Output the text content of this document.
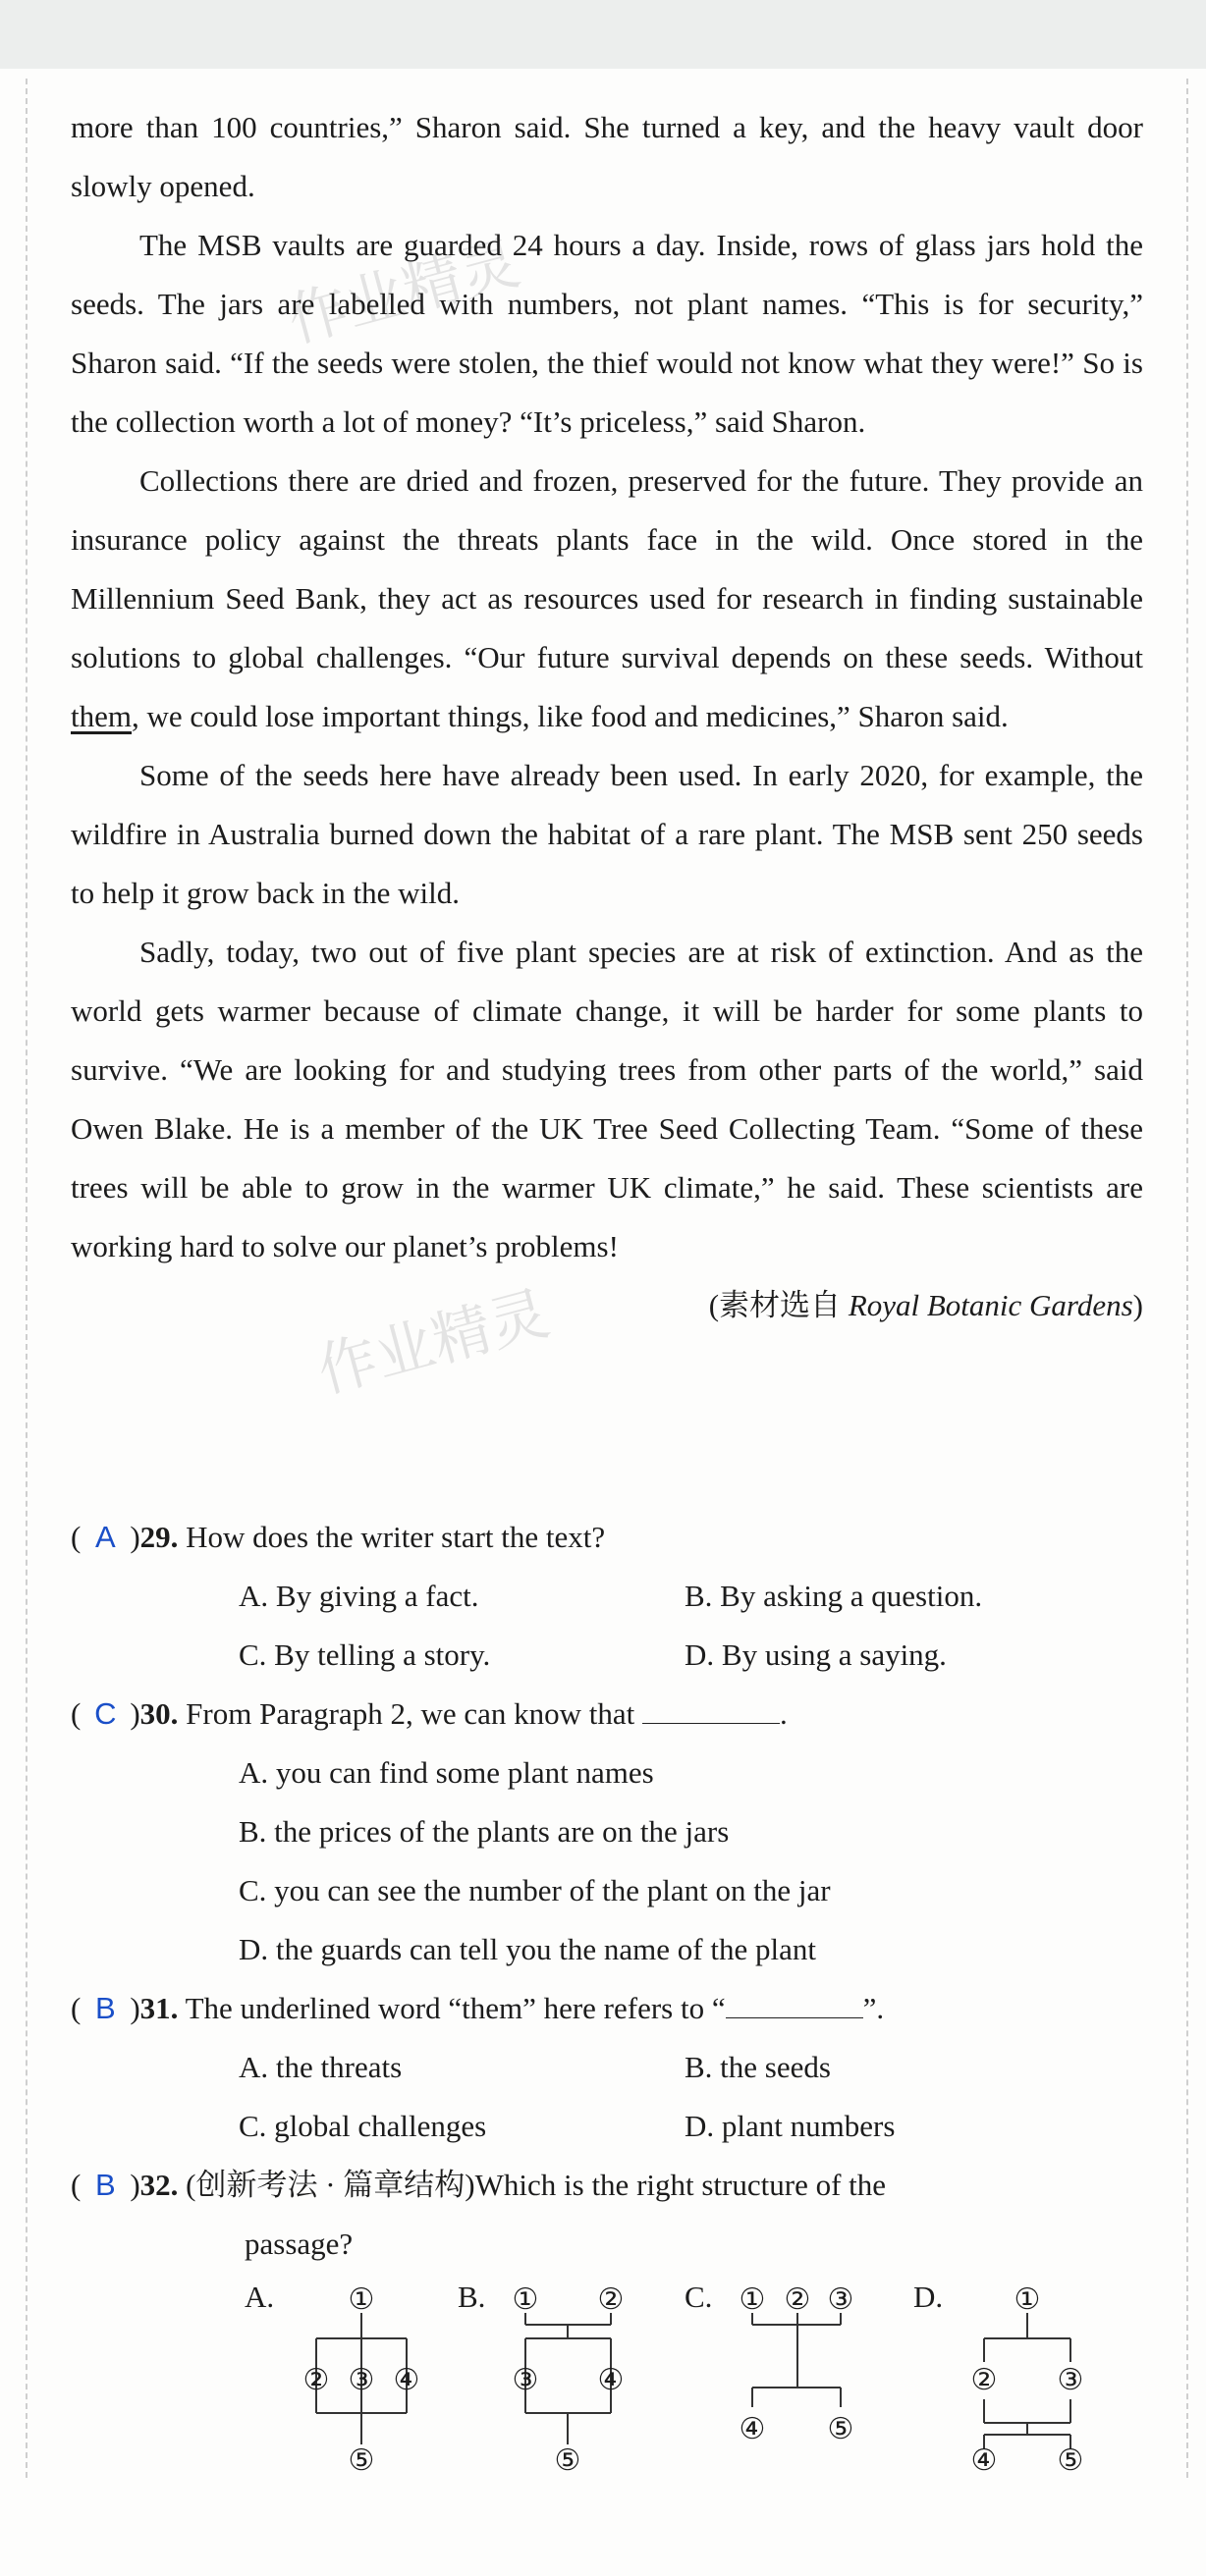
作业精灵
作业精灵

more than 100 countries,” Sharon said. She turned a key, and the heavy vault door slowly opened.

The MSB vaults are guarded 24 hours a day. Inside, rows of glass jars hold the seeds. The jars are labelled with numbers, not plant names. “This is for security,” Sharon said. “If the seeds were stolen, the thief would not know what they were!” So is the collection worth a lot of money? “It’s priceless,” said Sharon.

Collections there are dried and frozen, preserved for the future. They provide an insurance policy against the threats plants face in the wild. Once stored in the Millennium Seed Bank, they act as resources used for research in finding sustainable solutions to global challenges. “Our future survival depends on these seeds. Without them, we could lose important things, like food and medicines,” Sharon said.

Some of the seeds here have already been used. In early 2020, for example, the wildfire in Australia burned down the habitat of a rare plant. The MSB sent 250 seeds to help it grow back in the wild.

Sadly, today, two out of five plant species are at risk of extinction. And as the world gets warmer because of climate change, it will be harder for some plants to survive. “We are looking for and studying trees from other parts of the world,” said Owen Blake. He is a member of the UK Tree Seed Collecting Team. “Some of these trees will be able to grow in the warmer UK climate,” he said. These scientists are working hard to solve our planet’s problems!

(素材选自 Royal Botanic Gardens)

( A )29. How does the writer start the text?
A. By giving a fact.	B. By asking a question.
C. By telling a story.	D. By using a saying.
( C )30. From Paragraph 2, we can know that	.
A. you can find some plant names
B. the prices of the plants are on the jars
C. you can see the number of the plant on the jar
D. the guards can tell you the name of the plant
( B )31. The underlined word “them” here refers to “	”.
A. the threats	B. the seeds
C. global challenges	D. plant numbers
( B )32. (创新考法 · 篇章结构)Which is the right structure of the
passage?
A.	B.	C.	D.
①
② ③ ④
⑤
① ②
③ ④
⑤
① ② ③
④ ⑤
①
② ③
④ ⑤
